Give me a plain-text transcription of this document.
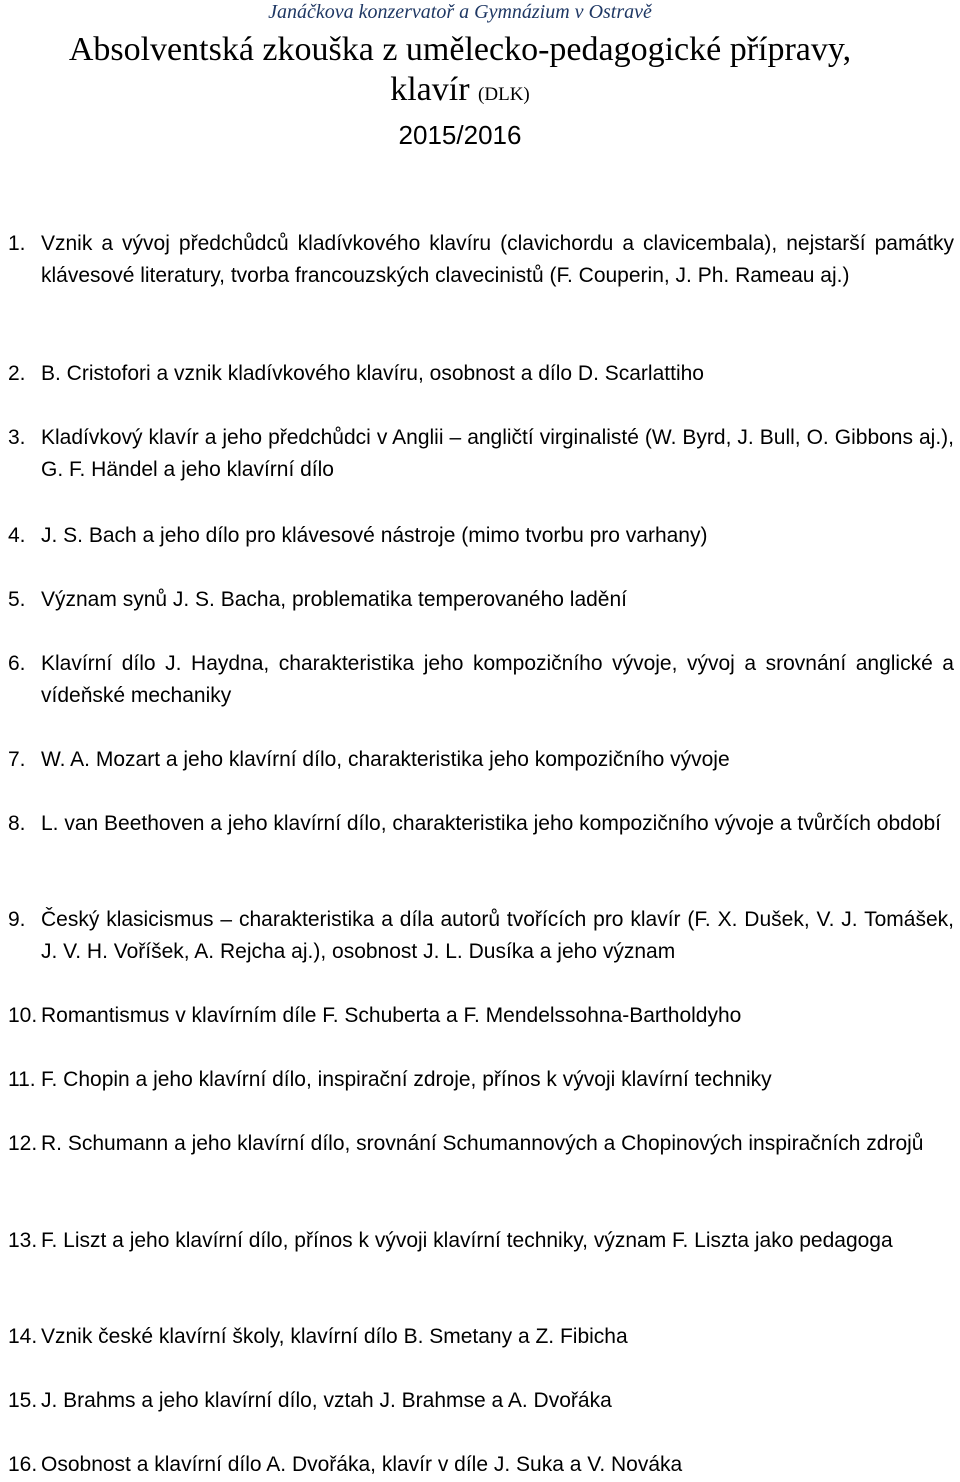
Janáčkova konzervatoř a Gymnázium v Ostravě
Absolventská zkouška z umělecko-pedagogické přípravy,
klavír (DLK)
2015/2016
1. Vznik a vývoj předchůdců kladívkového klavíru (clavichordu a clavicembala), nejstarší památky klávesové literatury, tvorba francouzských clavecinistů (F. Couperin, J. Ph. Rameau aj.)
2. B. Cristofori a vznik kladívkového klavíru, osobnost a dílo D. Scarlattiho
3. Kladívkový klavír a jeho předchůdci v Anglii – angličtí virginalisté (W. Byrd, J. Bull, O. Gibbons aj.), G. F. Händel a jeho klavírní dílo
4. J. S. Bach a jeho dílo pro klávesové nástroje (mimo tvorbu pro varhany)
5. Význam synů J. S. Bacha, problematika temperovaného ladění
6. Klavírní dílo J. Haydna, charakteristika jeho kompozičního vývoje, vývoj a srovnání anglické a vídeňské mechaniky
7. W. A. Mozart a jeho klavírní dílo, charakteristika jeho kompozičního vývoje
8. L. van Beethoven a jeho klavírní dílo, charakteristika jeho kompozičního vývoje a tvůrčích období
9. Český klasicismus – charakteristika a díla autorů tvořících pro klavír (F. X. Dušek, V. J. Tomášek, J. V. H. Voříšek, A. Rejcha aj.), osobnost J. L. Dusíka a jeho význam
10. Romantismus v klavírním díle F. Schuberta a F. Mendelssohna-Bartholdyho
11. F. Chopin a jeho klavírní dílo, inspirační zdroje, přínos k vývoji klavírní techniky
12. R. Schumann a jeho klavírní dílo, srovnání Schumannových a Chopinových inspiračních zdrojů
13. F. Liszt a jeho klavírní dílo, přínos k vývoji klavírní techniky, význam F. Liszta jako pedagoga
14. Vznik české klavírní školy, klavírní dílo B. Smetany a Z. Fibicha
15. J. Brahms a jeho klavírní dílo, vztah J. Brahmse a A. Dvořáka
16. Osobnost a klavírní dílo A. Dvořáka, klavír v díle J. Suka a V. Nováka
